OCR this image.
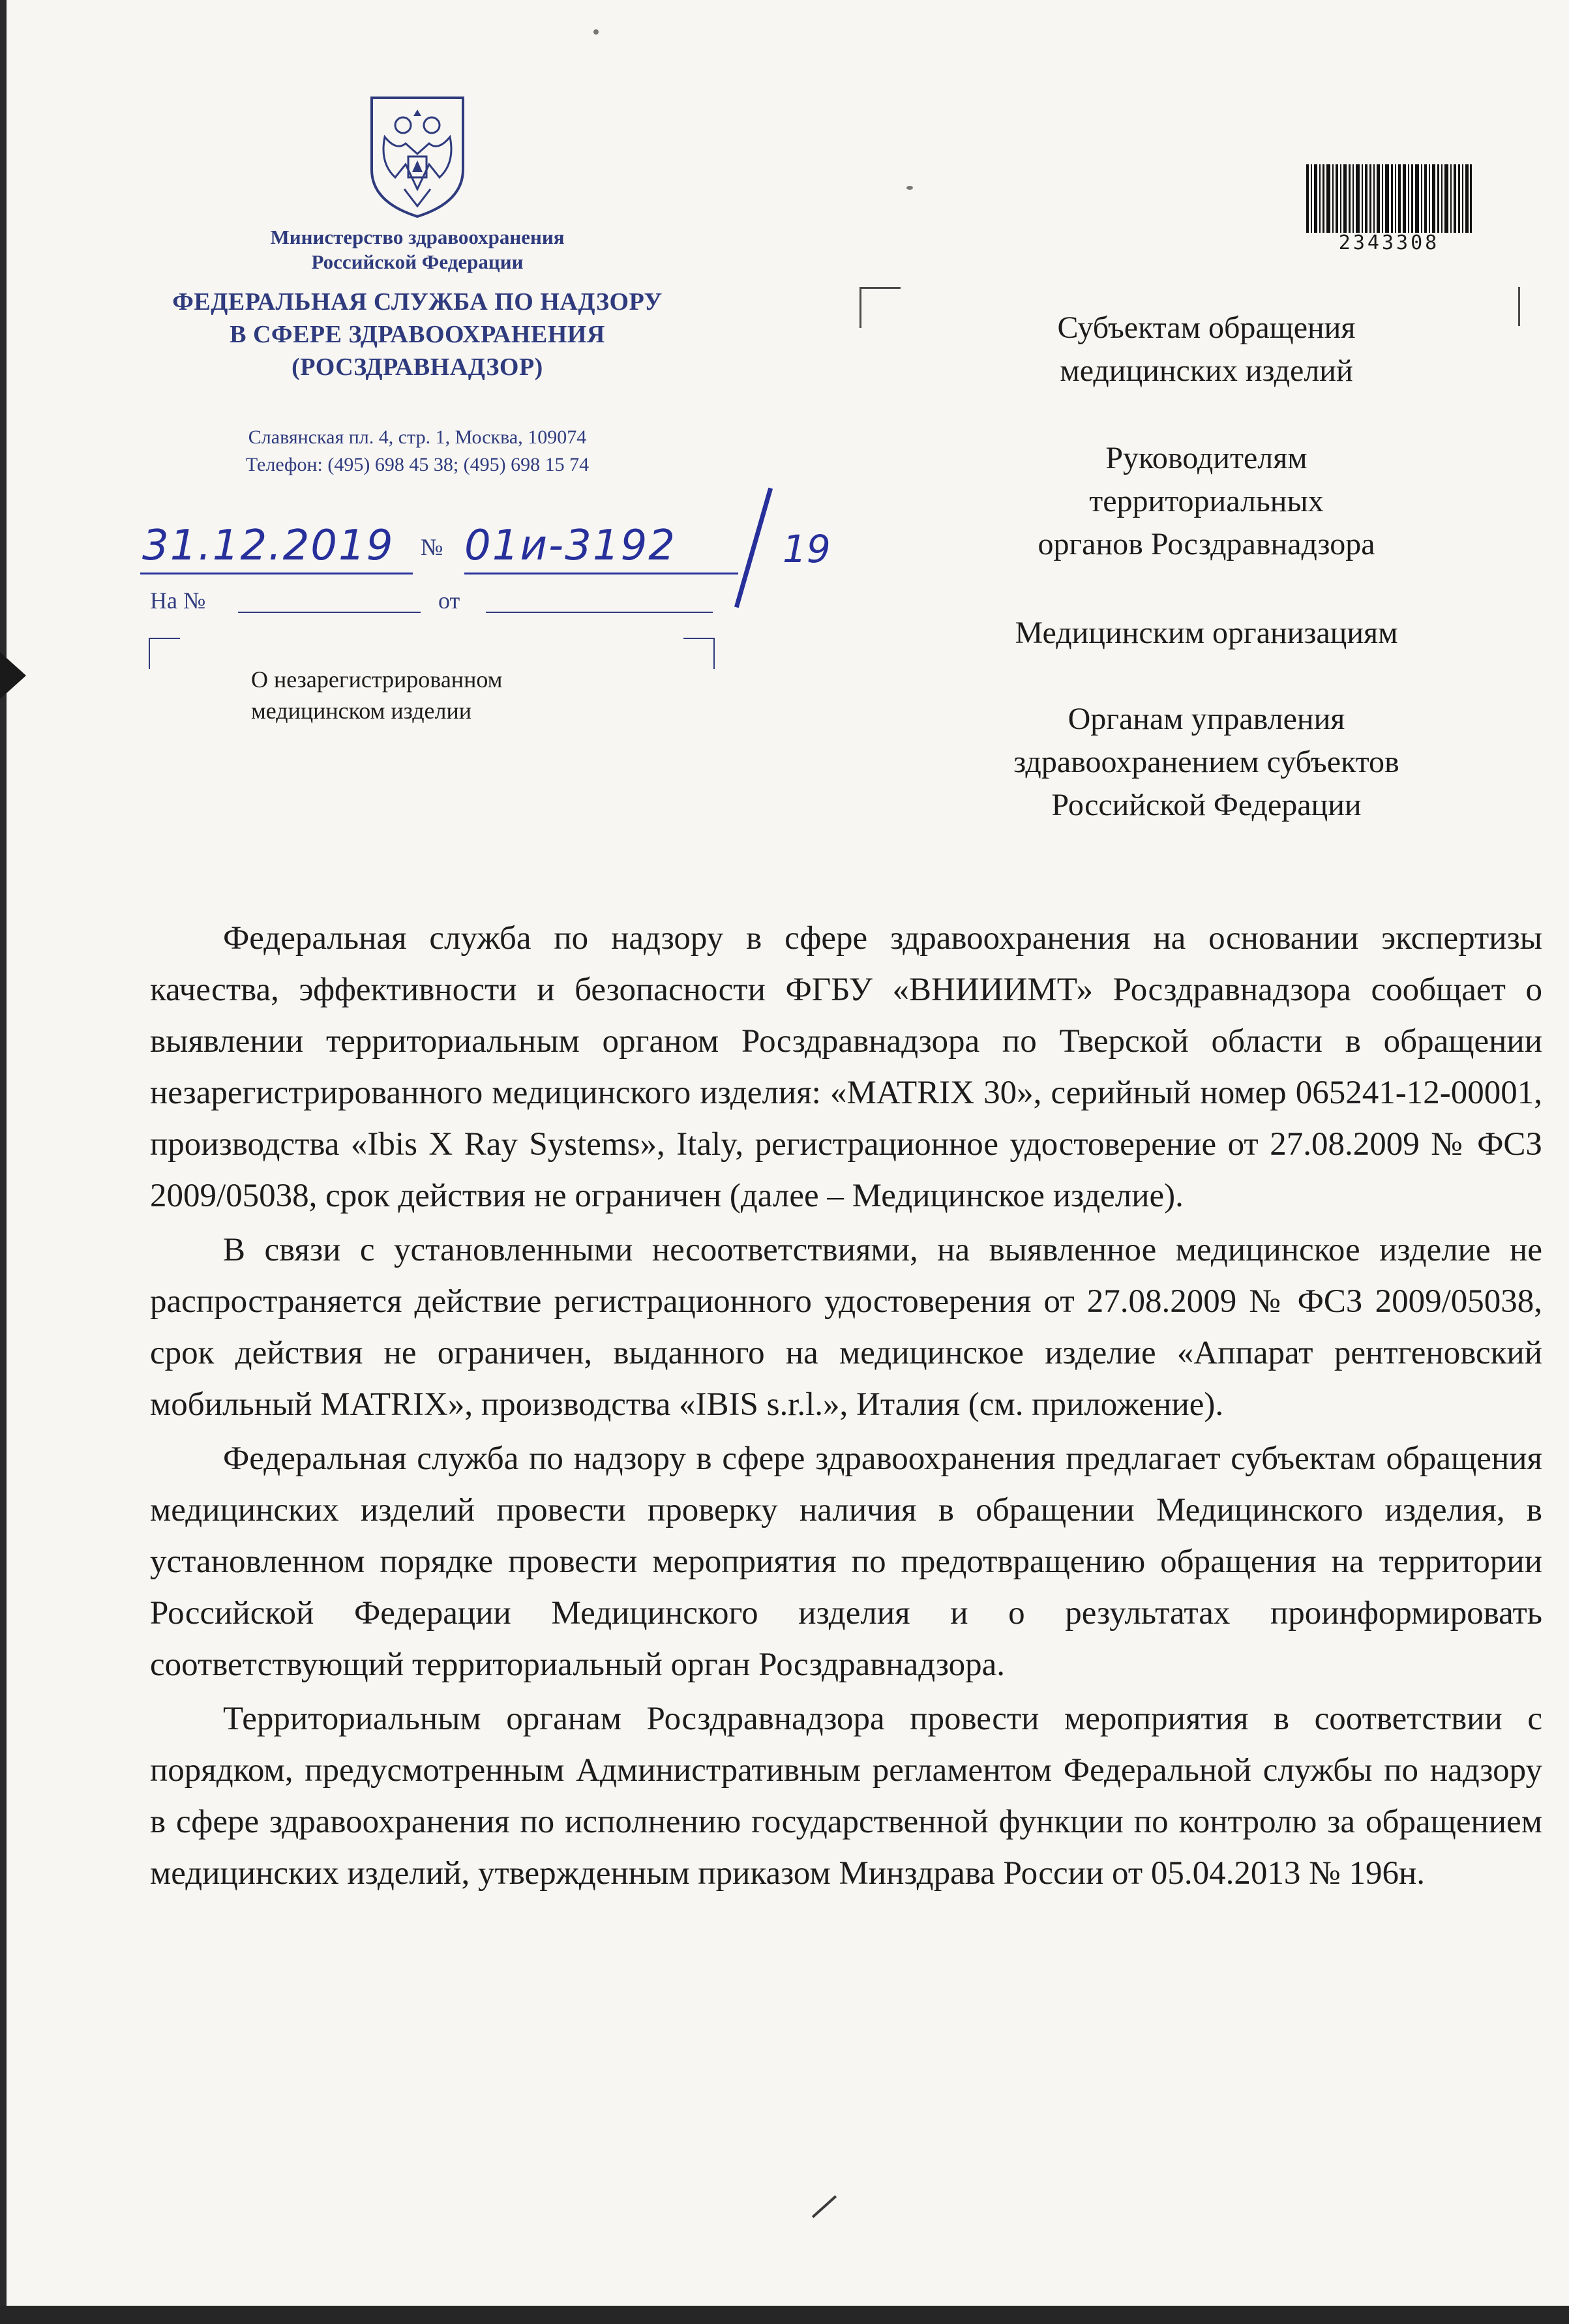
Министерство здравоохранения
Российской Федерации
ФЕДЕРАЛЬНАЯ СЛУЖБА ПО НАДЗОРУ
В СФЕРЕ ЗДРАВООХРАНЕНИЯ
(РОСЗДРАВНАДЗОР)
Славянская пл. 4, стр. 1, Москва, 109074
Телефон: (495) 698 45 38; (495) 698 15 74
31.12.2019 № 01и-3192	19
На №	от
О незарегистрированном
медицинском изделии
2343308
Субъектам обращения
медицинских изделий
Руководителям
территориальных
органов Росздравнадзора
Медицинским организациям
Органам управления
здравоохранением субъектов
Российской Федерации

Федеральная служба по надзору в сфере здравоохранения на основании экспертизы качества, эффективности и безопасности ФГБУ «ВНИИИМТ» Росздравнадзора сообщает о выявлении территориальным органом Росздравнадзора по Тверской области в обращении незарегистрированного медицинского изделия: «MATRIX 30», серийный номер 065241-12-00001, производства «Ibis X Ray Systems», Italy, регистрационное удостоверение от 27.08.2009 № ФСЗ 2009/05038, срок действия не ограничен (далее – Медицинское изделие).

В связи с установленными несоответствиями, на выявленное медицинское изделие не распространяется действие регистрационного удостоверения от 27.08.2009 № ФСЗ 2009/05038, срок действия не ограничен, выданного на медицинское изделие «Аппарат рентгеновский мобильный MATRIX», производства «IBIS s.r.l.», Италия (см. приложение).

Федеральная служба по надзору в сфере здравоохранения предлагает субъектам обращения медицинских изделий провести проверку наличия в обращении Медицинского изделия, в установленном порядке провести мероприятия по предотвращению обращения на территории Российской Федерации Медицинского изделия и о результатах проинформировать соответствующий территориальный орган Росздравнадзора.

Территориальным органам Росздравнадзора провести мероприятия в соответствии с порядком, предусмотренным Административным регламентом Федеральной службы по надзору в сфере здравоохранения по исполнению государственной функции по контролю за обращением медицинских изделий, утвержденным приказом Минздрава России от 05.04.2013 № 196н.
